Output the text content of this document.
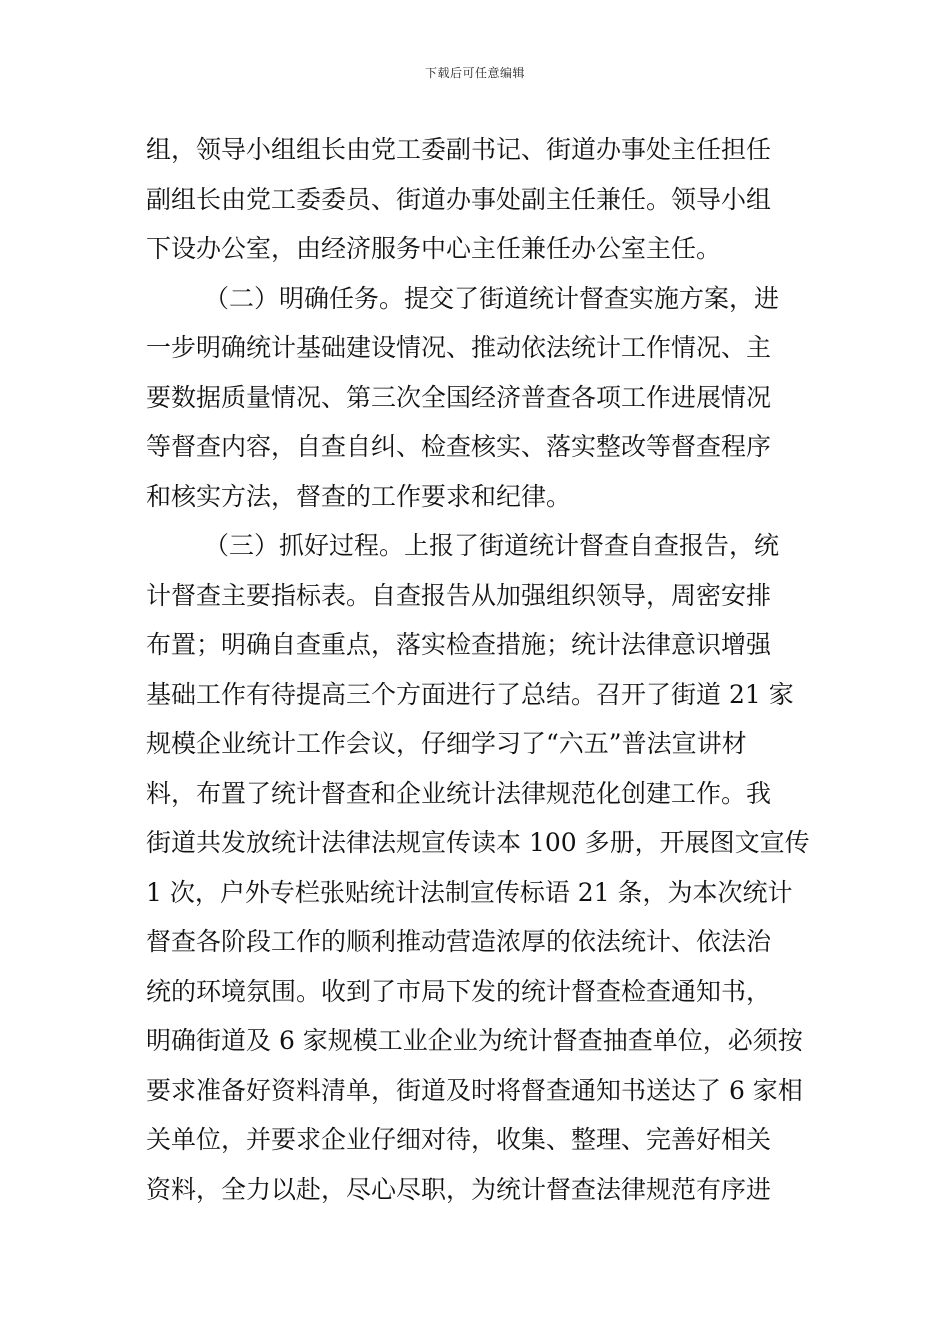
下载后可任意编辑
组，领导小组组长由党工委副书记、街道办事处主任担任
副组长由党工委委员、街道办事处副主任兼任。领导小组
下设办公室，由经济服务中心主任兼任办公室主任。
（二）明确任务。提交了街道统计督查实施方案，进
一步明确统计基础建设情况、推动依法统计工作情况、主
要数据质量情况、第三次全国经济普查各项工作进展情况
等督查内容，自查自纠、检查核实、落实整改等督查程序
和核实方法，督查的工作要求和纪律。
（三）抓好过程。上报了街道统计督查自查报告，统
计督查主要指标表。自查报告从加强组织领导，周密安排
布置；明确自查重点，落实检查措施；统计法律意识增强
基础工作有待提高三个方面进行了总结。召开了街道 21 家
规模企业统计工作会议，仔细学习了“六五”普法宣讲材
料，布置了统计督查和企业统计法律规范化创建工作。我
街道共发放统计法律法规宣传读本 100 多册，开展图文宣传
1 次，户外专栏张贴统计法制宣传标语 21 条，为本次统计
督查各阶段工作的顺利推动营造浓厚的依法统计、依法治
统的环境氛围。收到了市局下发的统计督查检查通知书，
明确街道及 6 家规模工业企业为统计督查抽查单位，必须按
要求准备好资料清单，街道及时将督查通知书送达了 6 家相
关单位，并要求企业仔细对待，收集、整理、完善好相关
资料，全力以赴，尽心尽职，为统计督查法律规范有序进
